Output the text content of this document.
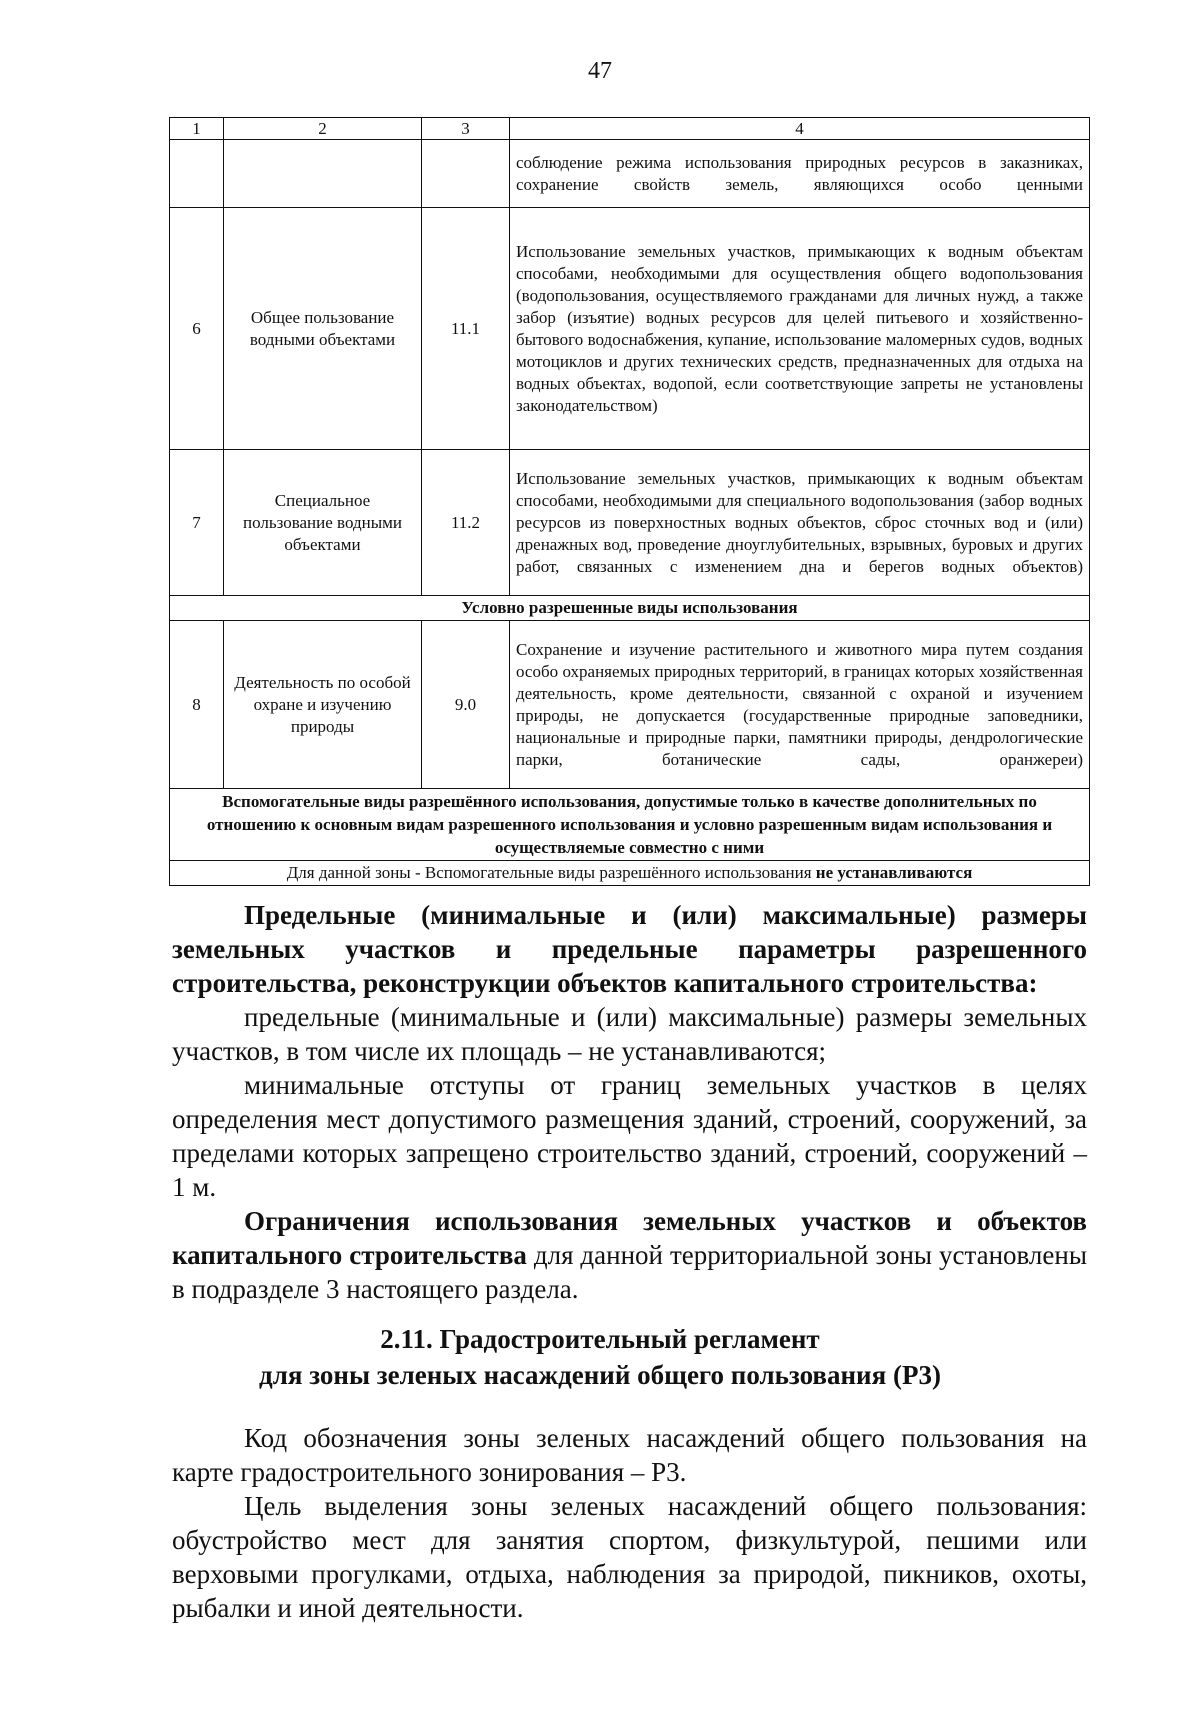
47
1	2	3	4
			соблюдение режима использования природных ресурсов в заказниках, сохранение свойств земель, являющихся особо ценными
6	Общее пользование водными объектами	11.1	Использование земельных участков, примыкающих к водным объектам способами, необходимыми для осуществления общего водопользования (водопользования, осуществляемого гражданами для личных нужд, а также забор (изъятие) водных ресурсов для целей питьевого и хозяйственно-бытового водоснабжения, купание, использование маломерных судов, водных мотоциклов и других технических средств, предназначенных для отдыха на водных объектах, водопой, если соответствующие запреты не установлены законодательством)
7	Специальное пользование водными объектами	11.2	Использование земельных участков, примыкающих к водным объектам способами, необходимыми для специального водопользования (забор водных ресурсов из поверхностных водных объектов, сброс сточных вод и (или) дренажных вод, проведение дноуглубительных, взрывных, буровых и других работ, связанных с изменением дна и берегов водных объектов)
Условно разрешенные виды использования			
8	Деятельность по особой охране и изучению природы	9.0	Сохранение и изучение растительного и животного мира путем создания особо охраняемых природных территорий, в границах которых хозяйственная деятельность, кроме деятельности, связанной с охраной и изучением природы, не допускается (государственные природные заповедники, национальные и природные парки, памятники природы, дендрологические парки, ботанические сады, оранжереи)
Вспомогательные виды разрешённого использования, допустимые только в качестве дополнительных по отношению к основным видам разрешенного использования и условно разрешенным видам использования и осуществляемые совместно с ними			
Для данной зоны - Вспомогательные виды разрешённого использования не устанавливаются			

Предельные (минимальные и (или) максимальные) размеры земельных участков и предельные параметры разрешенного строительства, реконструкции объектов капитального строительства:

предельные (минимальные и (или) максимальные) размеры земельных участков, в том числе их площадь – не устанавливаются;

минимальные отступы от границ земельных участков в целях определения мест допустимого размещения зданий, строений, сооружений, за пределами которых запрещено строительство зданий, строений, сооружений – 1 м.

Ограничения использования земельных участков и объектов капитального строительства для данной территориальной зоны установлены в подразделе 3 настоящего раздела.

2.11. Градостроительный регламент
для зоны зеленых насаждений общего пользования (Р3)

Код обозначения зоны зеленых насаждений общего пользования на карте градостроительного зонирования – Р3.

Цель выделения зоны зеленых насаждений общего пользования: обустройство мест для занятия спортом, физкультурой, пешими или верховыми прогулками, отдыха, наблюдения за природой, пикников, охоты, рыбалки и иной деятельности.
